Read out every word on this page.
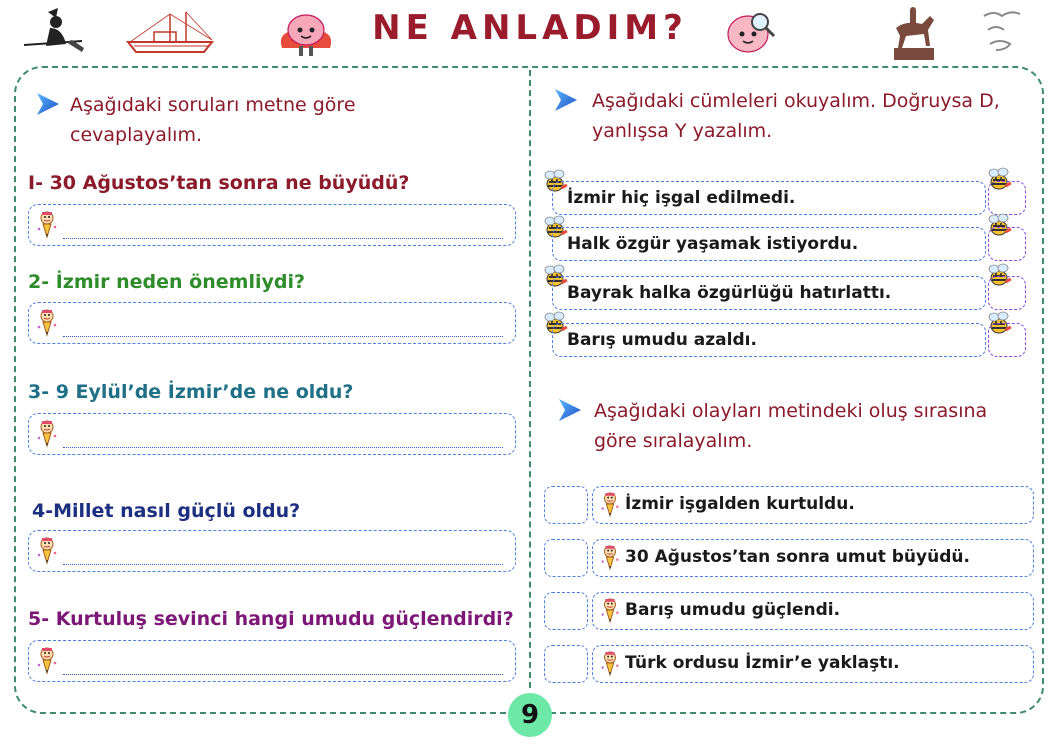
NE ANLADIM?
Aşağıdaki soruları metne göre cevaplayalım.
I- 30 Ağustos’tan sonra ne büyüdü?
2- İzmir neden önemliydi?
3- 9 Eylül’de İzmir’de ne oldu?
4-Millet nasıl güçlü oldu?
5- Kurtuluş sevinci hangi umudu güçlendirdi?
Aşağıdaki cümleleri okuyalım. Doğruysa D, yanlışsa Y yazalım.
İzmir hiç işgal edilmedi.
Halk özgür yaşamak istiyordu.
Bayrak halka özgürlüğü hatırlattı.
Barış umudu azaldı.
Aşağıdaki olayları metindeki oluş sırasına göre sıralayalım.
İzmir işgalden kurtuldu.
30 Ağustos’tan sonra umut büyüdü.
Barış umudu güçlendi.
Türk ordusu İzmir’e yaklaştı.
9
